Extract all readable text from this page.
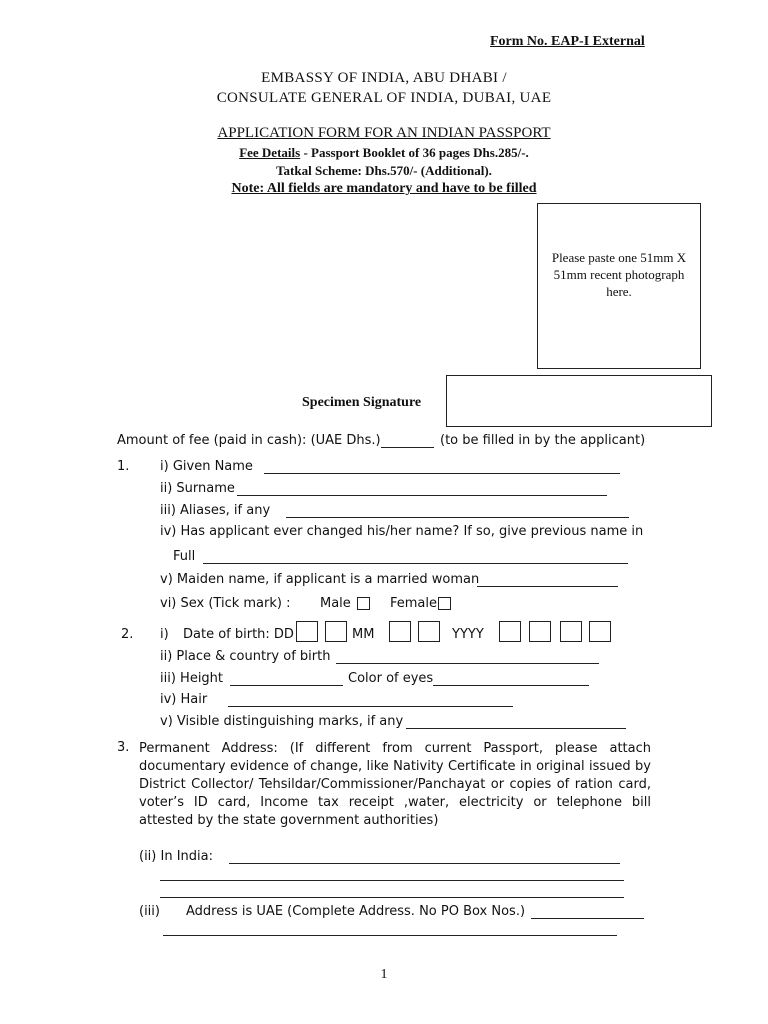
Form No. EAP-I External
EMBASSY OF INDIA, ABU DHABI /
CONSULATE GENERAL OF INDIA, DUBAI, UAE
APPLICATION FORM FOR AN INDIAN PASSPORT
Fee Details - Passport Booklet of 36 pages Dhs.285/-.
Tatkal Scheme: Dhs.570/- (Additional).
Note: All fields are mandatory and have to be filled
Please paste one 51mm X 51mm recent photograph here.
Specimen Signature
Amount of fee (paid in cash): (UAE Dhs.)	(to be filled in by the applicant)
1. i) Given Name
ii) Surname
iii) Aliases, if any
iv) Has applicant ever changed his/her name? If so, give previous name in
Full
v) Maiden name, if applicant is a married woman
vi) Sex (Tick mark) : Male	Female
2. i) Date of birth: DD	MM	YYYY
ii) Place & country of birth
iii) Height	Color of eyes
iv) Hair
v) Visible distinguishing marks, if any
3. Permanent Address: (If different from current Passport, please attach documentary evidence of change, like Nativity Certificate in original issued by District Collector/ Tehsildar/Commissioner/Panchayat or copies of ration card, voter’s ID card, Income tax receipt ,water, electricity or telephone bill attested by the state government authorities)
(ii) In India:
(iii) Address is UAE (Complete Address. No PO Box Nos.)
1
